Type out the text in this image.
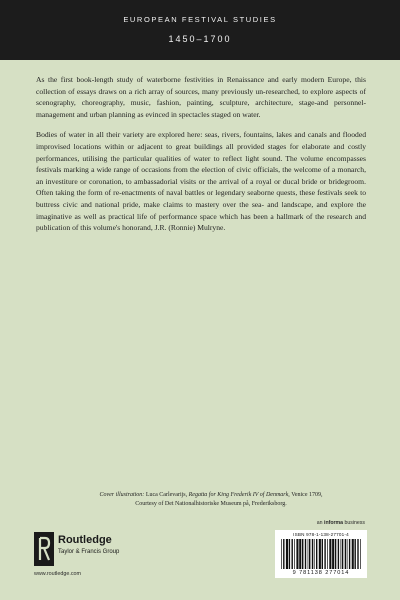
EUROPEAN FESTIVAL STUDIES
1450–1700

As the first book-length study of waterborne festivities in Renaissance and early modern Europe, this collection of essays draws on a rich array of sources, many previously un-researched, to explore aspects of scenography, choreography, music, fashion, painting, sculpture, architecture, stage-and personnel-management and urban planning as evinced in spectacles staged on water.

Bodies of water in all their variety are explored here: seas, rivers, fountains, lakes and canals and flooded improvised locations within or adjacent to great buildings all provided stages for elaborate and costly performances, utilising the particular qualities of water to reflect light sound. The volume encompasses festivals marking a wide range of occasions from the election of civic officials, the welcome of a monarch, an investiture or coronation, to ambassadorial visits or the arrival of a royal or ducal bride or bridegroom. Often taking the form of re-enactments of naval battles or legendary seaborne quests, these festivals seek to buttress civic and national pride, make claims to mastery over the sea- and landscape, and explore the imaginative as well as practical life of performance space which has been a hallmark of the research and publication of this volume's honorand, J.R. (Ronnie) Mulryne.

Cover illustration: Luca Carlevarijs, Regatta for King Frederik IV of Denmark, Venice 1709,
Courtesy of Det Nationalhistoriske Museum på, Frederiksborg.
an informa business
ISBN 978-1-138-27701-4
9 781138 277014
Routledge
Taylor & Francis Group
www.routledge.com
